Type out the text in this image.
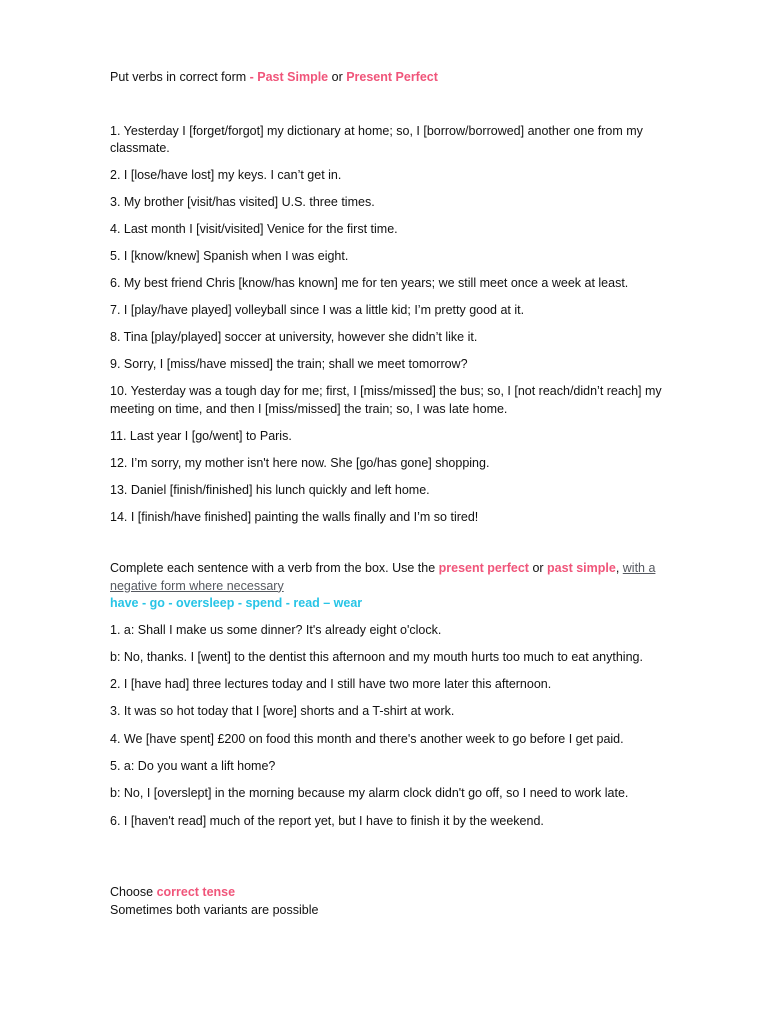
Put verbs in correct form - Past Simple or Present Perfect

1. Yesterday I [forget/forgot] my dictionary at home; so, I [borrow/borrowed] another one from my classmate.

2. I [lose/have lost] my keys. I can’t get in.

3. My brother [visit/has visited] U.S. three times.

4. Last month I [visit/visited] Venice for the first time.

5. I [know/knew] Spanish when I was eight.

6. My best friend Chris [know/has known] me for ten years; we still meet once a week at least.

7. I [play/have played] volleyball since I was a little kid; I’m pretty good at it.

8. Tina [play/played] soccer at university, however she didn’t like it.

9. Sorry, I [miss/have missed] the train; shall we meet tomorrow?

10. Yesterday was a tough day for me; first, I [miss/missed] the bus; so, I [not reach/didn’t reach] my meeting on time, and then I [miss/missed] the train; so, I was late home.

11. Last year I [go/went] to Paris.

12. I’m sorry, my mother isn't here now. She [go/has gone] shopping.

13. Daniel [finish/finished] his lunch quickly and left home.

14. I [finish/have finished] painting the walls finally and I’m so tired!

Complete each sentence with a verb from the box. Use the present perfect or past simple, with a negative form where necessary

have - go - oversleep - spend - read – wear

1. a: Shall I make us some dinner? It's already eight o'clock.

b: No, thanks. I [went] to the dentist this afternoon and my mouth hurts too much to eat anything.

2. I [have had] three lectures today and I still have two more later this afternoon.

3. It was so hot today that I [wore] shorts and a T-shirt at work.

4. We [have spent] £200 on food this month and there's another week to go before I get paid.

5. a: Do you want a lift home?

b: No, I [overslept] in the morning because my alarm clock didn't go off, so I need to work late.

6. I [haven't read] much of the report yet, but I have to finish it by the weekend.

Choose correct tense

Sometimes both variants are possible
